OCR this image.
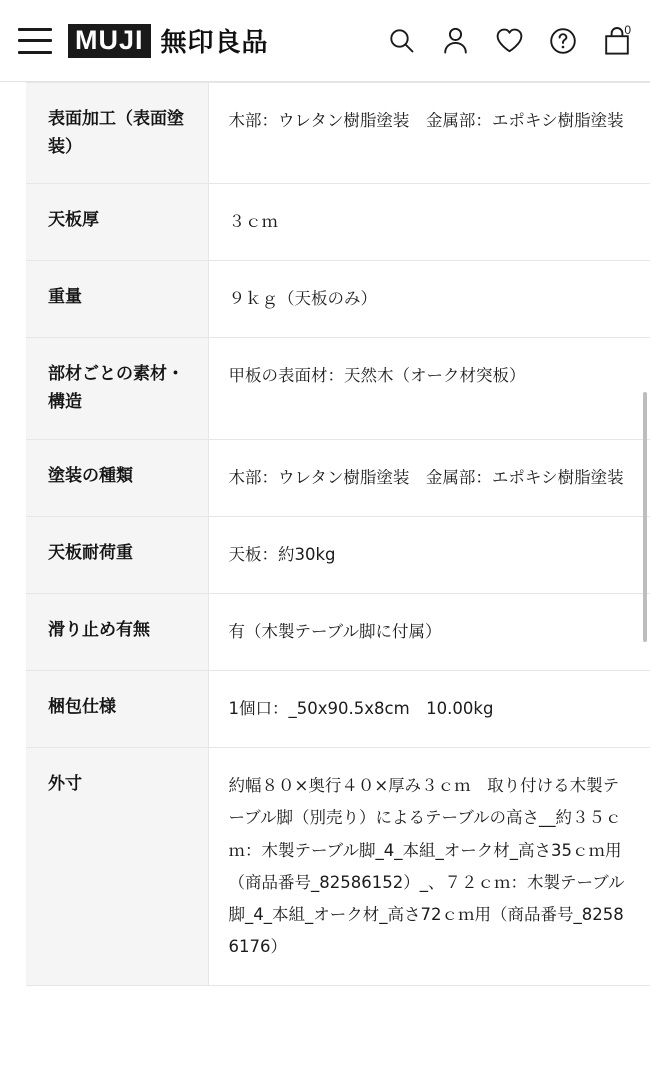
MUJI 無印良品	0
表面加工（表面塗装）	木部：ウレタン樹脂塗装　金属部：エポキシ樹脂塗装
天板厚	３ｃｍ
重量	９ｋｇ（天板のみ）
部材ごとの素材・構造	甲板の表面材：天然木（オーク材突板）
塗装の種類	木部：ウレタン樹脂塗装　金属部：エポキシ樹脂塗装
天板耐荷重	天板：約30kg
滑り止め有無	有（木製テーブル脚に付属）
梱包仕様	1個口：_50x90.5x8cm　10.00kg
外寸	約幅８０×奥行４０×厚み３ｃｍ　取り付ける木製テーブル脚（別売り）によるテーブルの高さ__約３５ｃｍ：木製テーブル脚_4_本組_オーク材_高さ35ｃｍ用（商品番号_82586152）_、７２ｃｍ：木製テーブル脚_4_本組_オーク材_高さ72ｃｍ用（商品番号_82586176）
